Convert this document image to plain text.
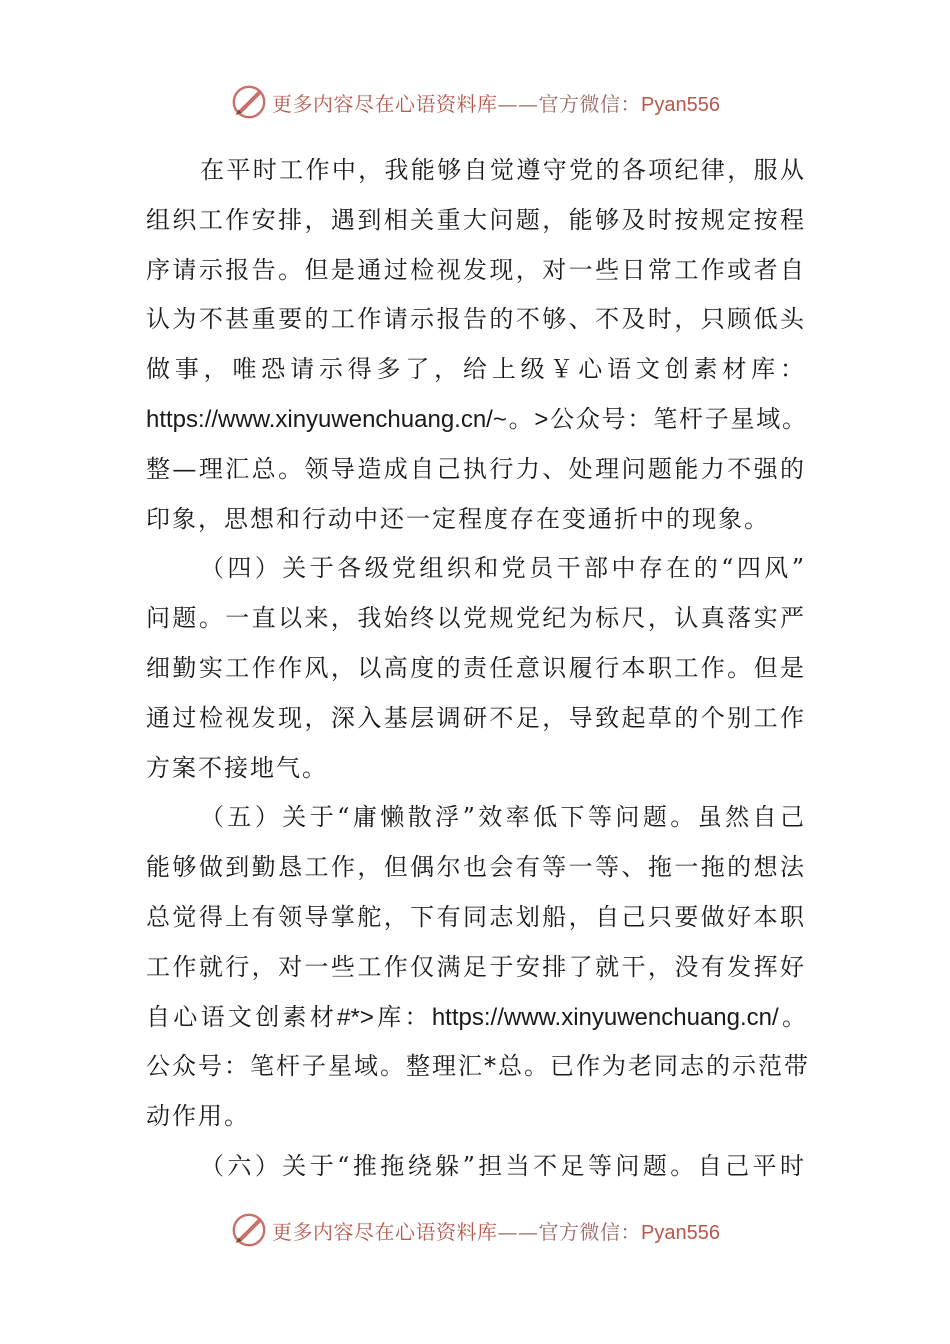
更多内容尽在心语资料库——官方微信：Pyan556
在平时工作中，我能够自觉遵守党的各项纪律，服从
组织工作安排，遇到相关重大问题，能够及时按规定按程
序请示报告。但是通过检视发现，对一些日常工作或者自
认为不甚重要的工作请示报告的不够、不及时，只顾低头
做事，唯恐请示得多了，给上级￥心语文创素材库：
https://www.xinyuwenchuang.cn/~。>公众号：笔杆子星域。
整—理汇总。领导造成自己执行力、处理问题能力不强的
印象，思想和行动中还一定程度存在变通折中的现象。
（四）关于各级党组织和党员干部中存在的“四风”
问题。一直以来，我始终以党规党纪为标尺，认真落实严
细勤实工作作风，以高度的责任意识履行本职工作。但是
通过检视发现，深入基层调研不足，导致起草的个别工作
方案不接地气。
（五）关于“庸懒散浮”效率低下等问题。虽然自己
能够做到勤恳工作，但偶尔也会有等一等、拖一拖的想法
总觉得上有领导掌舵，下有同志划船，自己只要做好本职
工作就行，对一些工作仅满足于安排了就干，没有发挥好
自心语文创素材#*>库：https://www.xinyuwenchuang.cn/。
公众号：笔杆子星域。整理汇*总。已作为老同志的示范带
动作用。
（六）关于“推拖绕躲”担当不足等问题。自己平时
更多内容尽在心语资料库——官方微信：Pyan556
